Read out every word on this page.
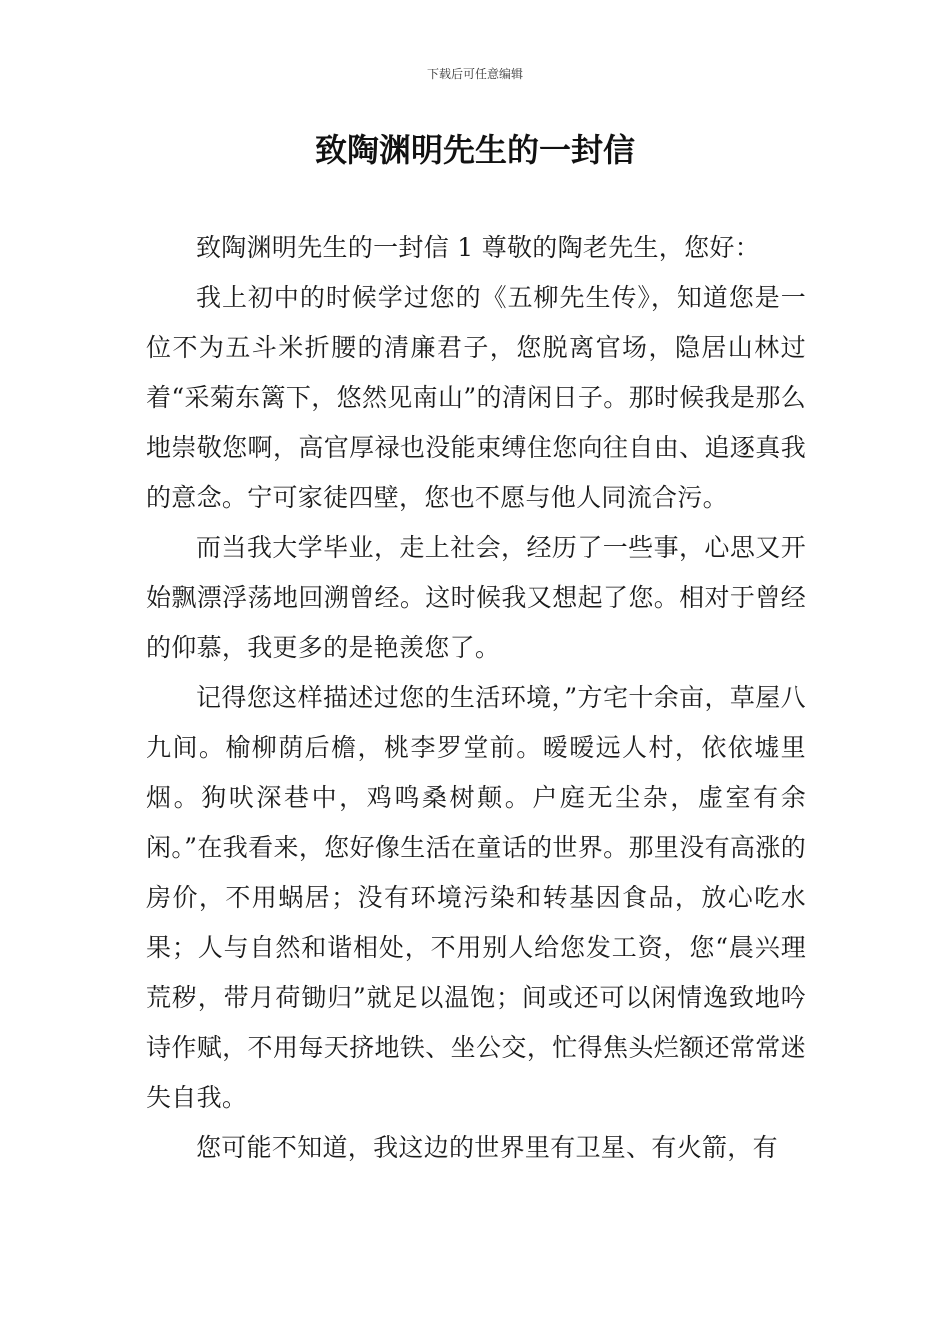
下载后可任意编辑
致陶渊明先生的一封信

致陶渊明先生的一封信 1 尊敬的陶老先生，您好：

我上初中的时候学过您的《五柳先生传》，知道您是一位不为五斗米折腰的清廉君子，您脱离官场，隐居山林过着“采菊东篱下，悠然见南山”的清闲日子。那时候我是那么地崇敬您啊，高官厚禄也没能束缚住您向往自由、追逐真我的意念。宁可家徒四壁，您也不愿与他人同流合污。

而当我大学毕业，走上社会，经历了一些事，心思又开始飘漂浮荡地回溯曾经。这时候我又想起了您。相对于曾经的仰慕，我更多的是艳羡您了。

记得您这样描述过您的生活环境，”方宅十余亩，草屋八九间。榆柳荫后檐，桃李罗堂前。暧暧远人村，依依墟里烟。狗吠深巷中，鸡鸣桑树颠。户庭无尘杂，虚室有余闲。”在我看来，您好像生活在童话的世界。那里没有高涨的房价，不用蜗居；没有环境污染和转基因食品，放心吃水果；人与自然和谐相处，不用别人给您发工资，您“晨兴理荒秽，带月荷锄归”就足以温饱；间或还可以闲情逸致地吟诗作赋，不用每天挤地铁、坐公交，忙得焦头烂额还常常迷失自我。

您可能不知道，我这边的世界里有卫星、有火箭，有
